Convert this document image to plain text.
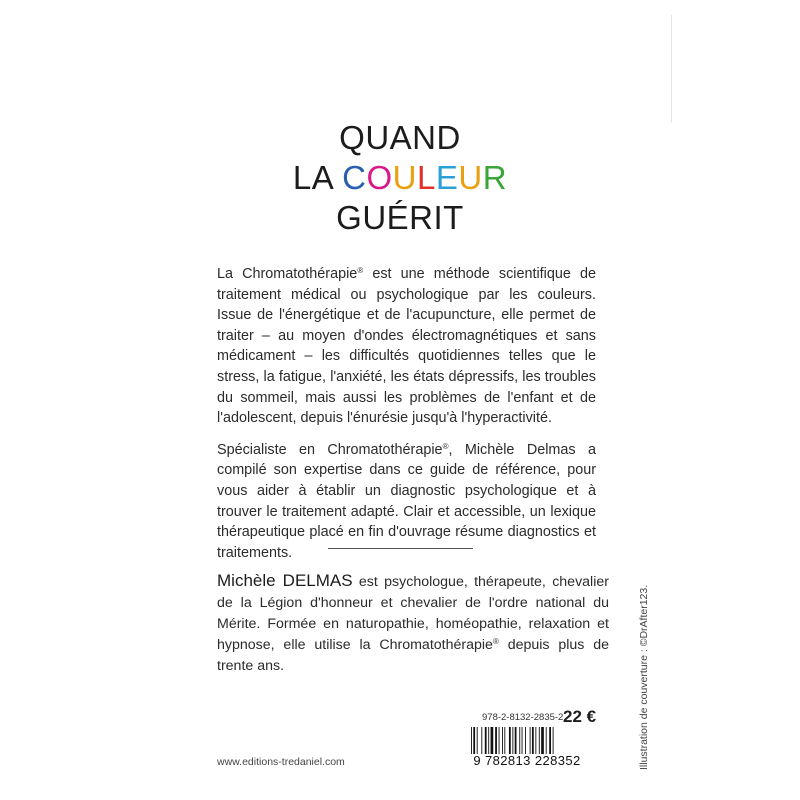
QUAND
LA COULEUR
GUÉRIT

La Chromatothérapie® est une méthode scientifique de traitement médical ou psychologique par les couleurs. Issue de l'énergétique et de l'acupuncture, elle permet de traiter – au moyen d'ondes électromagnétiques et sans médicament – les difficultés quotidiennes telles que le stress, la fatigue, l'anxiété, les états dépressifs, les troubles du sommeil, mais aussi les problèmes de l'enfant et de l'adolescent, depuis l'énurésie jusqu'à l'hyperactivité.

Spécialiste en Chromatothérapie®, Michèle Delmas a compilé son expertise dans ce guide de référence, pour vous aider à établir un diagnostic psychologique et à trouver le traitement adapté. Clair et accessible, un lexique thérapeutique placé en fin d'ouvrage résume diagnostics et traitements.

Michèle DELMAS est psychologue, thérapeute, chevalier de la Légion d'honneur et chevalier de l'ordre national du Mérite. Formée en naturopathie, homéopathie, relaxation et hypnose, elle utilise la Chromatothérapie® depuis plus de trente ans.	Illustration de couverture : ©DrAfter123.
978-2-8132-2835-2 22 €
9 782813 228352
www.editions-tredaniel.com
